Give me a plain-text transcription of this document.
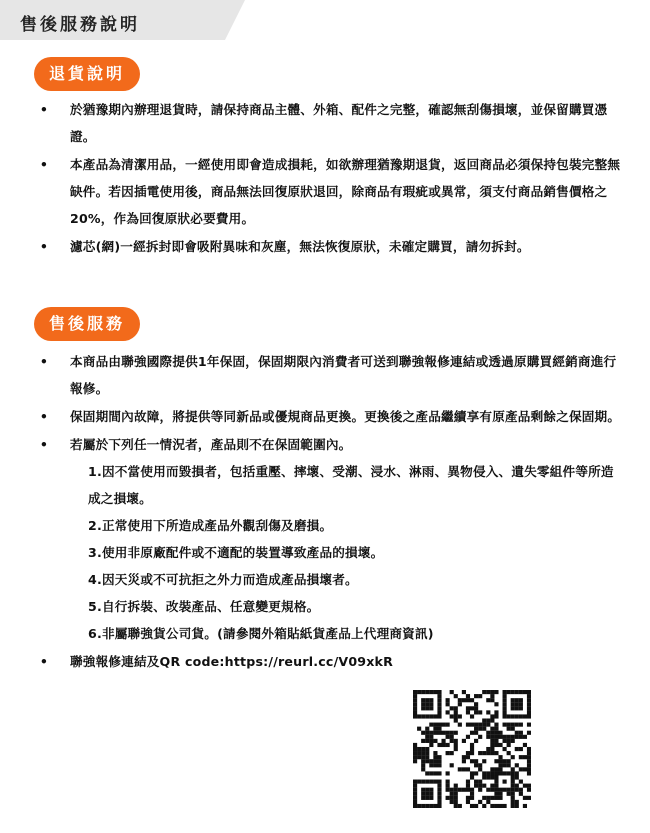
售後服務說明
退貨說明
•	於猶豫期內辦理退貨時，請保持商品主體、外箱、配件之完整，確認無刮傷損壞，並保留購買憑證。
•	本產品為清潔用品，一經使用即會造成損耗，如欲辦理猶豫期退貨，返回商品必須保持包裝完整無缺件。若因插電使用後，商品無法回復原狀退回，除商品有瑕疵或異常，須支付商品銷售價格之20%，作為回復原狀必要費用。
•	濾芯(網)一經拆封即會吸附異味和灰塵，無法恢復原狀，未確定購買，請勿拆封。
售後服務
•	本商品由聯強國際提供1年保固，保固期限內消費者可送到聯強報修連結或透過原購買經銷商進行報修。
•	保固期間內故障，將提供等同新品或優規商品更換。更換後之產品繼續享有原產品剩餘之保固期。
•	若屬於下列任一情況者，產品則不在保固範圍內。
1.因不當使用而毀損者，包括重壓、摔壞、受潮、浸水、淋雨、異物侵入、遺失零組件等所造成之損壞。
2.正常使用下所造成產品外觀刮傷及磨損。
3.使用非原廠配件或不適配的裝置導致產品的損壞。
4.因天災或不可抗拒之外力而造成產品損壞者。
5.自行拆裝、改裝產品、任意變更規格。
6.非屬聯強貨公司貨。(請參閱外箱貼紙貨產品上代理商資訊)
•	聯強報修連結及QR code:https://reurl.cc/V09xkR
